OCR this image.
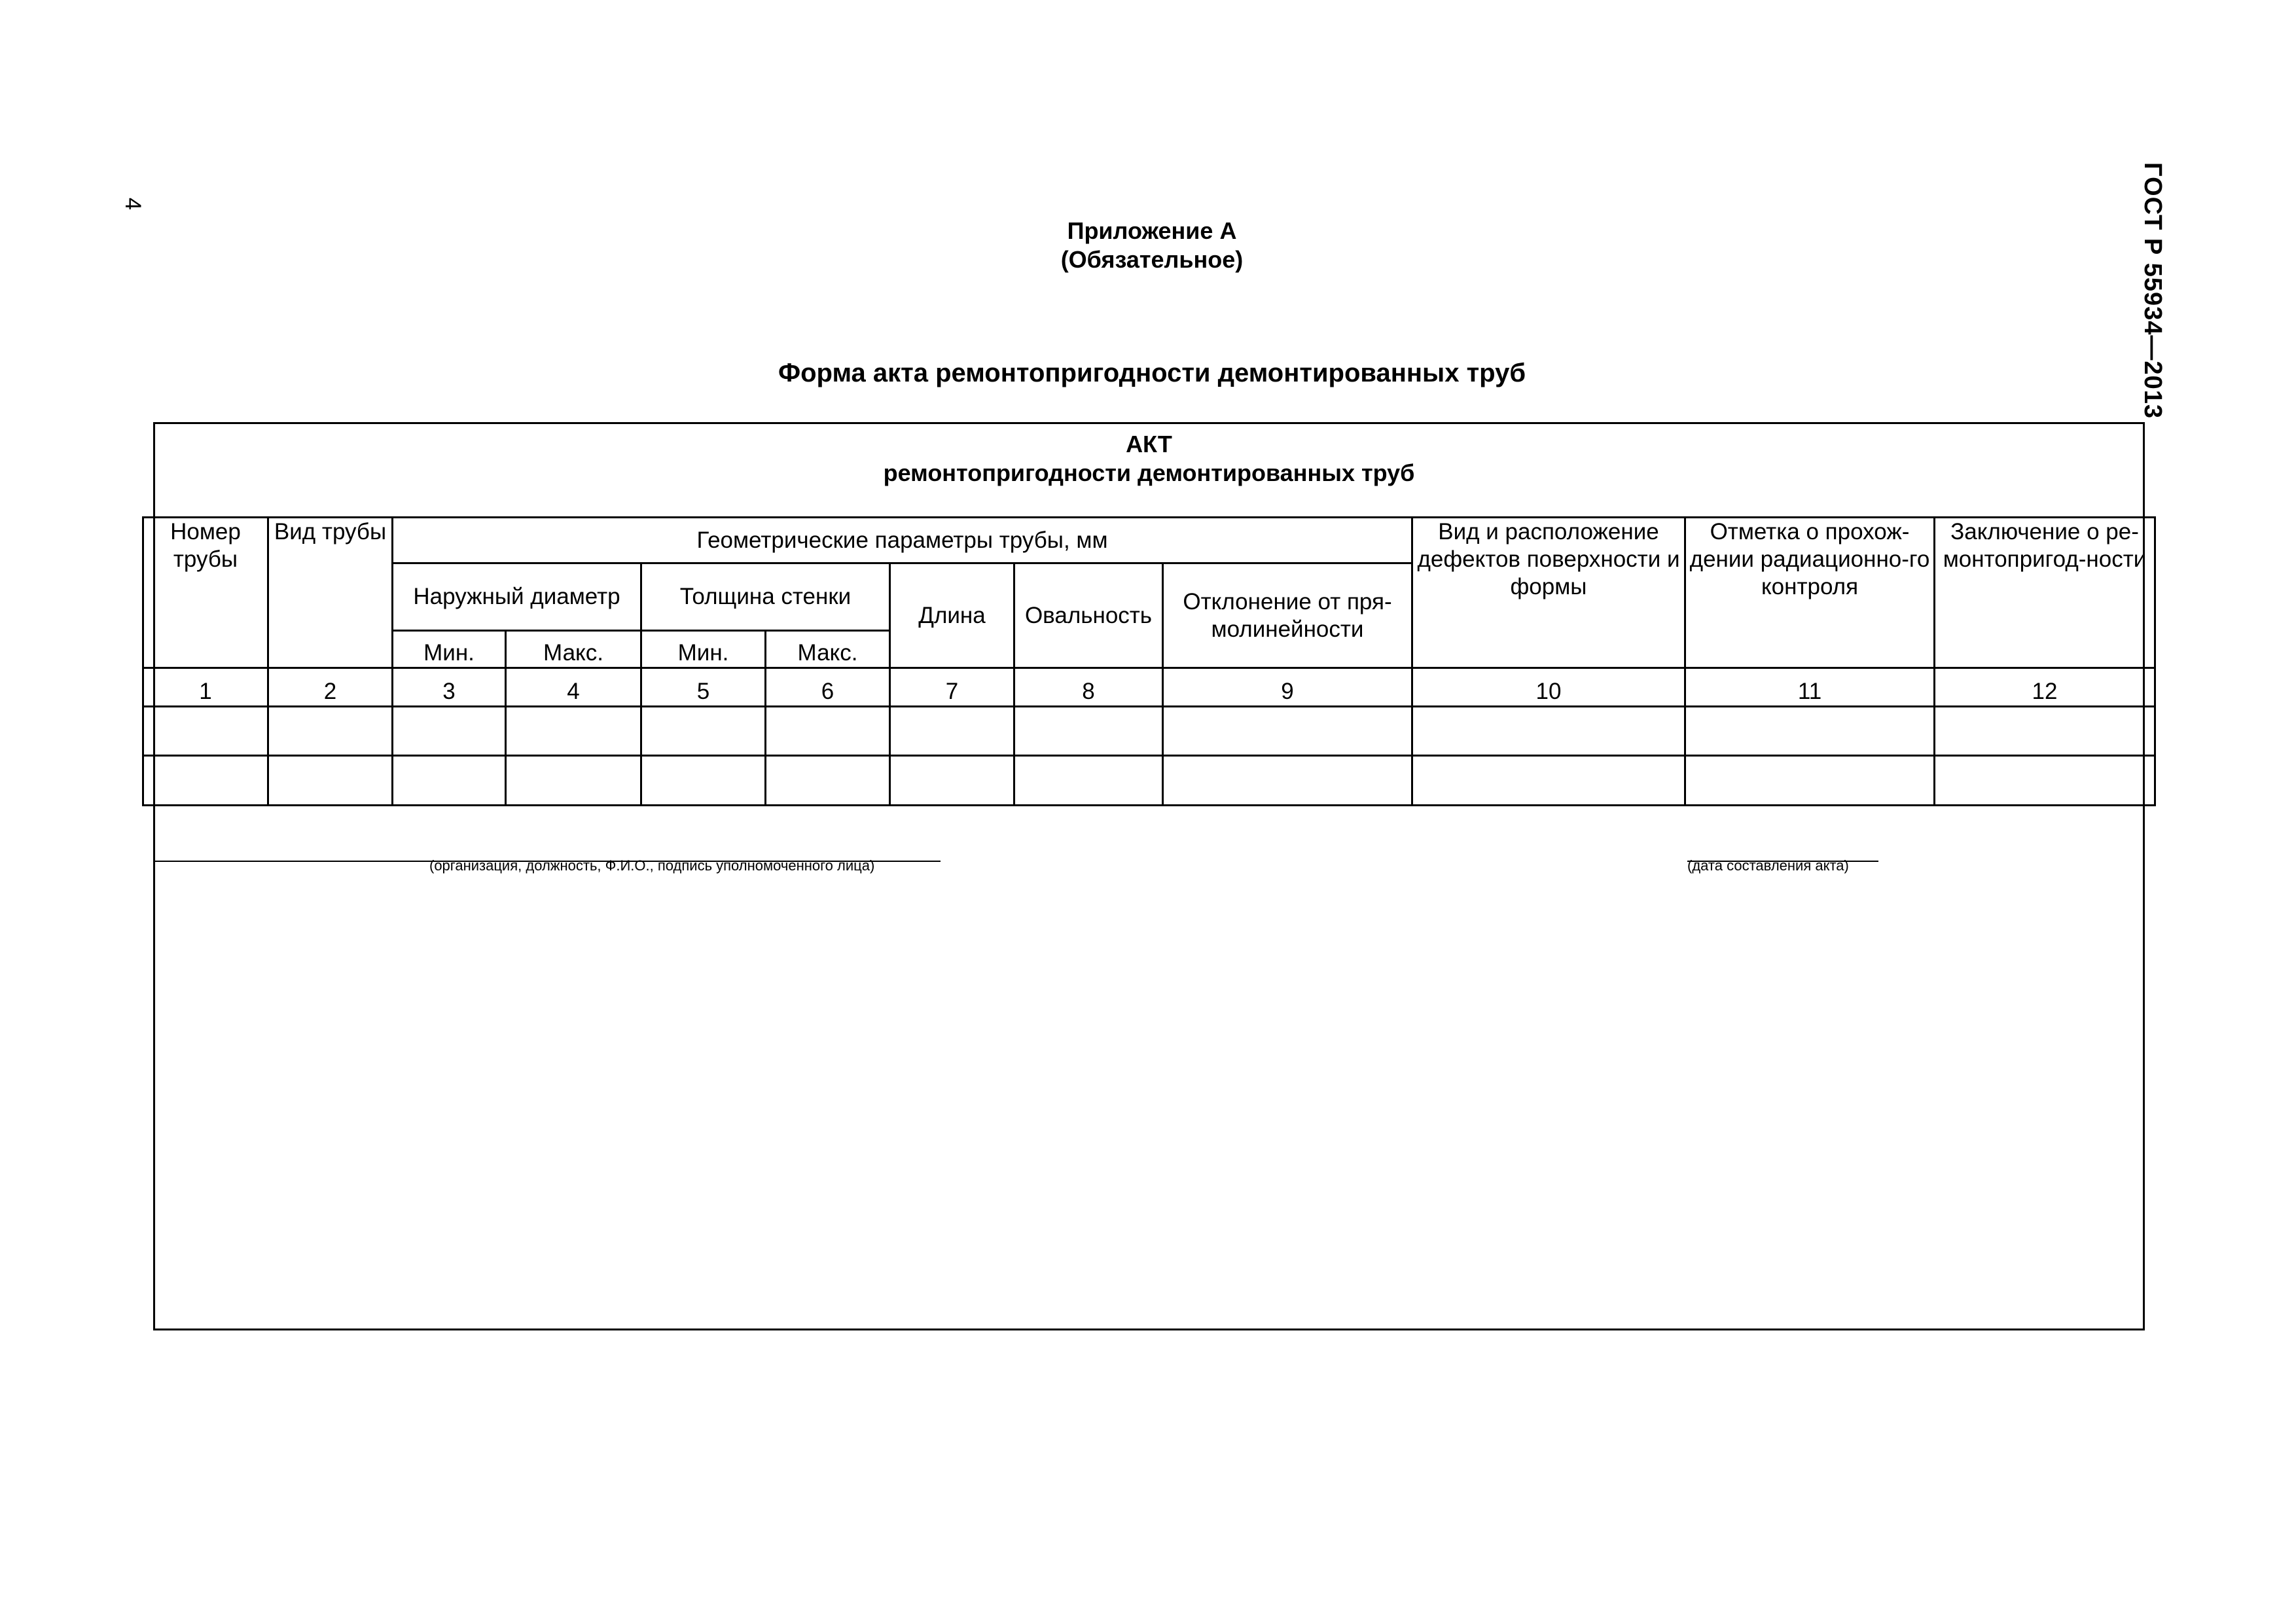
4	ГОСТ Р 55934—2013
Приложение А
(Обязательное)
Форма акта ремонтопригодности демонтированных труб
АКТ
ремонтопригодности демонтированных труб
Номер трубы	Вид трубы	Геометрические параметры трубы, мм							Вид и расположение дефектов поверхности и формы	Отметка о прохож-дении радиационно-го контроля	Заключение о ре-монтопригод-ности
		Наружный диаметр		Толщина стенки		Длина	Овальность	Отклонение от пря-молинейности			
		Мин.	Макс.	Мин.	Макс.						
1	2	3	4	5	6	7	8	9	10	11	12

(организация, должность, Ф.И.О., подпись уполномоченного лица)	(дата составления акта)
